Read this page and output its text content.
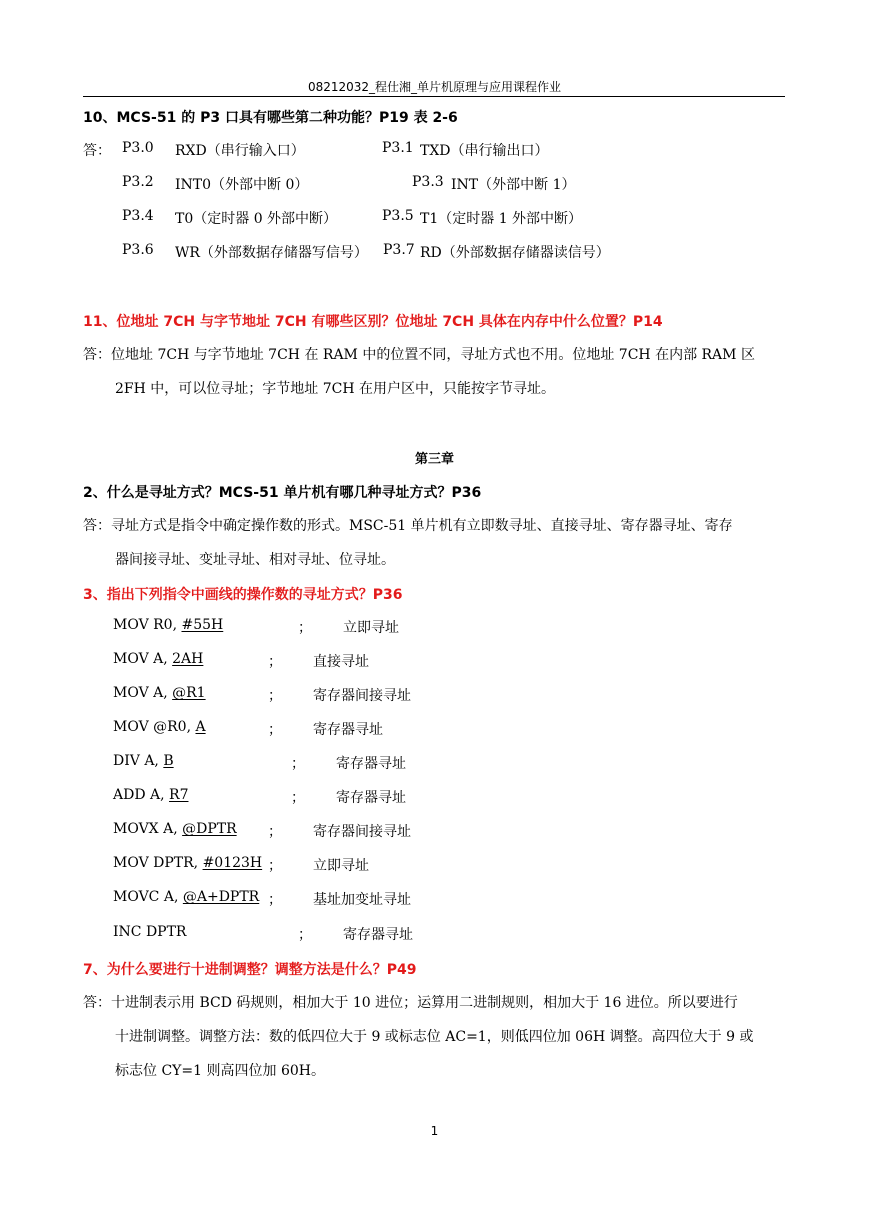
08212032_程仕湘_单片机原理与应用课程作业
10、MCS-51 的 P3 口具有哪些第二种功能？P19 表 2-6
答： P3.0 RXD（串行输入口）	P3.1 TXD（串行输出口）
P3.2 INT0（外部中断 0）	P3.3 INT（外部中断 1）
P3.4 T0（定时器 0 外部中断）	P3.5 T1（定时器 1 外部中断）
P3.6 WR（外部数据存储器写信号） P3.7 RD（外部数据存储器读信号）
11、位地址 7CH 与字节地址 7CH 有哪些区别？位地址 7CH 具体在内存中什么位置？P14
答：位地址 7CH 与字节地址 7CH 在 RAM 中的位置不同，寻址方式也不用。位地址 7CH 在内部 RAM 区
2FH 中，可以位寻址；字节地址 7CH 在用户区中，只能按字节寻址。
第三章
2、什么是寻址方式？MCS-51 单片机有哪几种寻址方式？P36
答：寻址方式是指令中确定操作数的形式。MSC-51 单片机有立即数寻址、直接寻址、寄存器寻址、寄存
器间接寻址、变址寻址、相对寻址、位寻址。
3、指出下列指令中画线的操作数的寻址方式？P36
MOV R0, #55H	； 立即寻址
MOV A, 2AH	； 直接寻址
MOV A, @R1	； 寄存器间接寻址
MOV @R0, A	； 寄存器寻址
DIV A, B	； 寄存器寻址
ADD A, R7	； 寄存器寻址
MOVX A, @DPTR ； 寄存器间接寻址
MOV DPTR, #0123H ； 立即寻址
MOVC A, @A+DPTR ； 基址加变址寻址
INC DPTR	； 寄存器寻址
7、为什么要进行十进制调整？调整方法是什么？P49
答：十进制表示用 BCD 码规则，相加大于 10 进位；运算用二进制规则，相加大于 16 进位。所以要进行
十进制调整。调整方法：数的低四位大于 9 或标志位 AC=1，则低四位加 06H 调整。高四位大于 9 或
标志位 CY=1 则高四位加 60H。
1
